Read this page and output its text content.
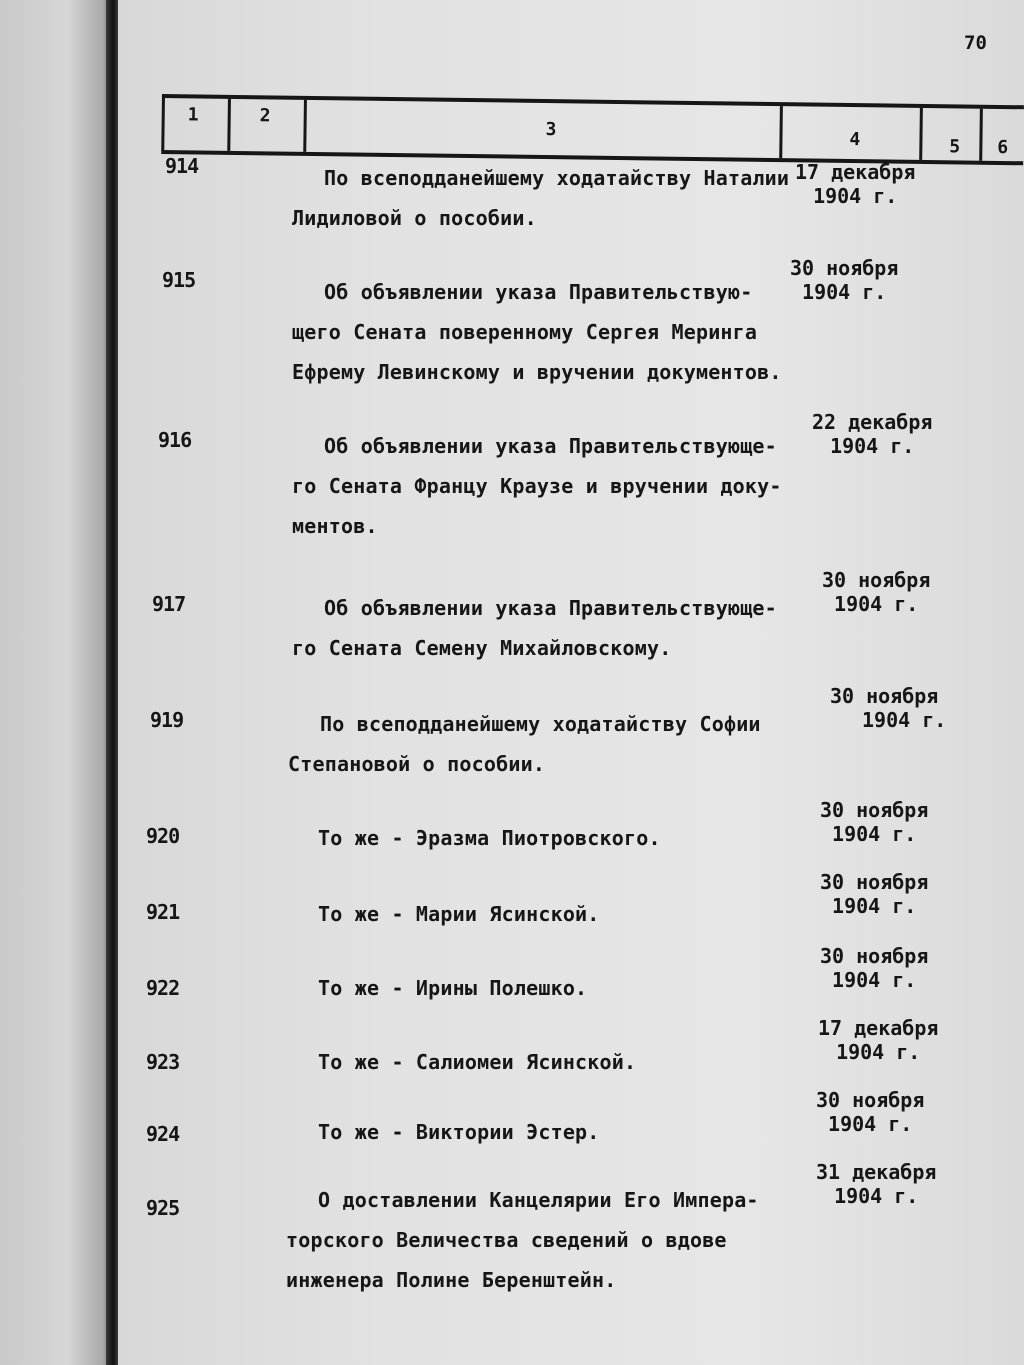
70
1	2
3	4	5 6
914	По всеподданейшему ходатайству Наталии
Лидиловой о пособии.
17 декабря
1904 г.
915	Об объявлении указа Правительствую-
щего Сената поверенному Сергея Меринга
Ефрему Левинскому и вручении документов.
30 ноября
1904 г.
916	Об объявлении указа Правительствующе-
го Сената Францу Краузе и вручении доку-
ментов.
22 декабря
1904 г.
917	Об объявлении указа Правительствующе-
го Сената Семену Михайловскому.
30 ноября
1904 г.
919	По всеподданейшему ходатайству Софии
Степановой о пособии.
30 ноября
1904 г.
920	То же - Эразма Пиотровского.
30 ноября
1904 г.
921	То же - Марии Ясинской.
30 ноября
1904 г.
922	То же - Ирины Полешко.
30 ноября
1904 г.
923	То же - Салиомеи Ясинской.
17 декабря
1904 г.
924	То же - Виктории Эстер.
30 ноября
1904 г.
925	О доставлении Канцелярии Его Импера-
торского Величества сведений о вдове
инженера Полине Беренштейн.
31 декабря
1904 г.
